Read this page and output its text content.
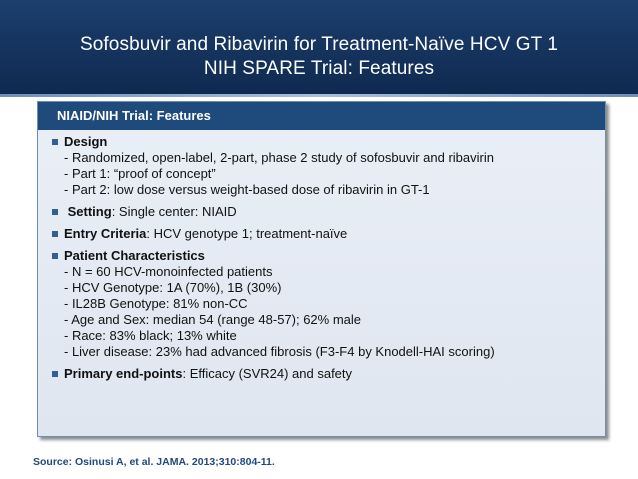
Sofosbuvir and Ribavirin for Treatment-Naïve HCV GT 1
NIH SPARE Trial: Features
NIAID/NIH Trial: Features
Design
- Randomized, open-label, 2-part, phase 2 study of sofosbuvir and ribavirin
- Part 1: “proof of concept”
- Part 2: low dose versus weight-based dose of ribavirin in GT-1
Setting: Single center: NIAID
Entry Criteria: HCV genotype 1; treatment-naïve
Patient Characteristics
- N = 60 HCV-monoinfected patients
- HCV Genotype: 1A (70%), 1B (30%)
- IL28B Genotype: 81% non-CC
- Age and Sex: median 54 (range 48-57); 62% male
- Race: 83% black; 13% white
- Liver disease: 23% had advanced fibrosis (F3-F4 by Knodell-HAI scoring)
Primary end-points: Efficacy (SVR24) and safety
Source: Osinusi A, et al. JAMA. 2013;310:804-11.
